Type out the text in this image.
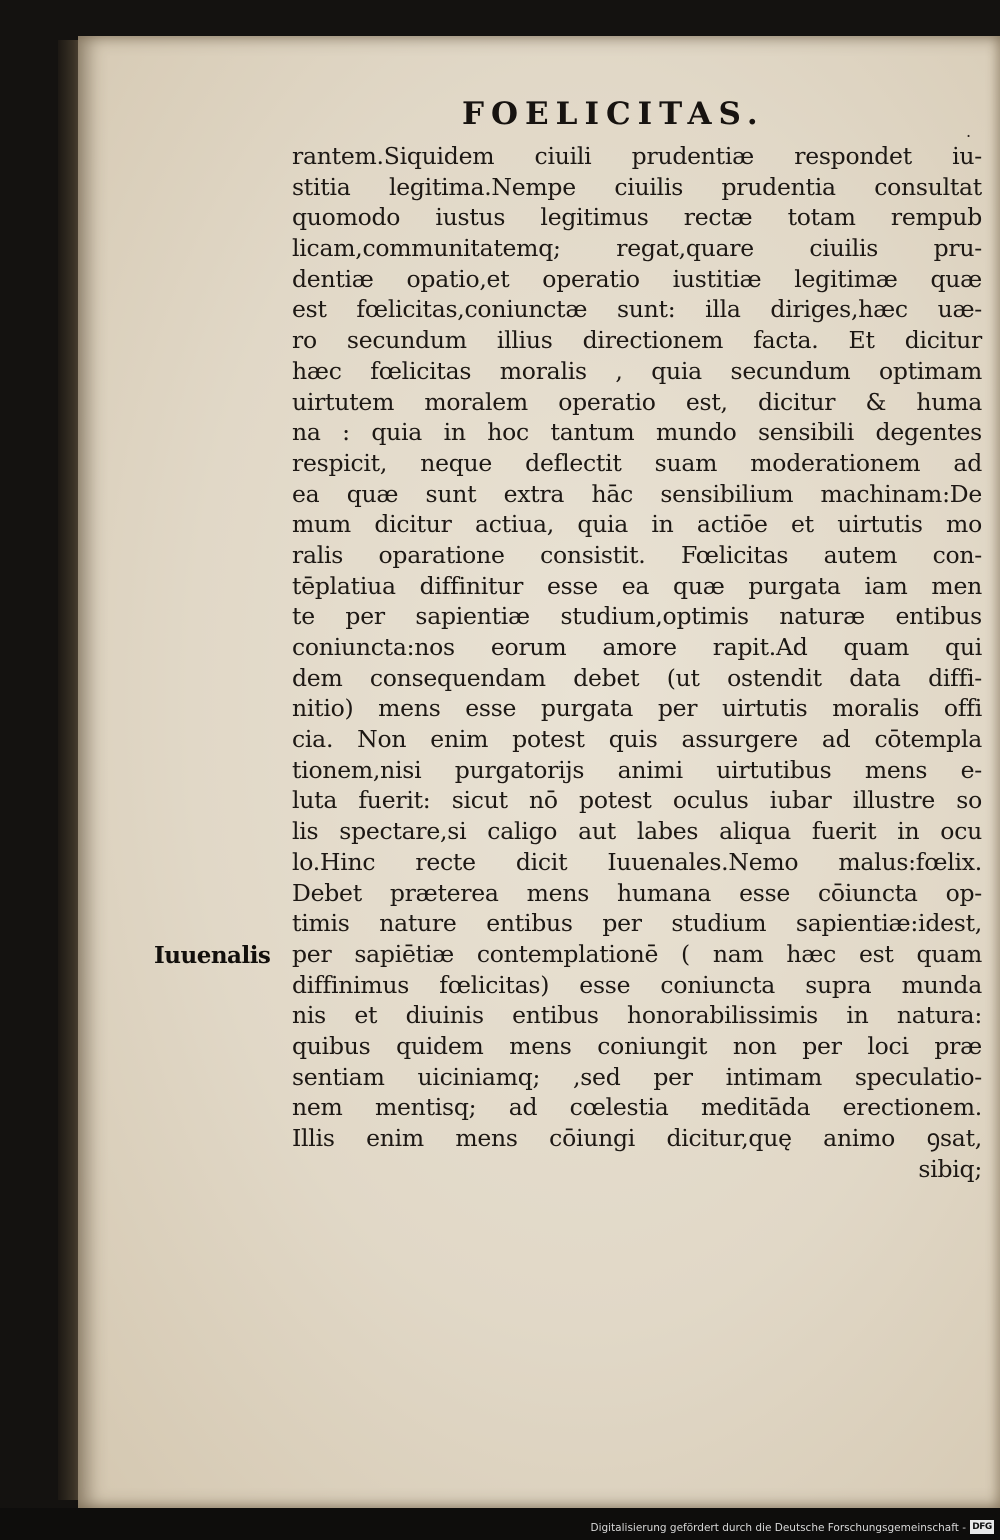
FOELICITAS.	.
Iuuenalis
rantem.Siquidem ciuili prudentiæ respondet iu-
stitia legitima.Nempe ciuilis prudentia consultat
quomodo iustus legitimus rectæ totam rempub
licam,communitatemq; regat,quare ciuilis pru-
dentiæ opatio,et operatio iustitiæ legitimæ quæ
est fœlicitas,coniunctæ sunt: illa diriges,hæc uæ-
ro secundum illius directionem facta. Et dicitur
hæc fœlicitas moralis , quia secundum optimam
uirtutem moralem operatio est, dicitur & huma
na : quia in hoc tantum mundo sensibili degentes
respicit, neque deflectit suam moderationem ad
ea quæ sunt extra hāc sensibilium machinam:De
mum dicitur actiua, quia in actiōe et uirtutis mo
ralis oparatione consistit. Fœlicitas autem con-
tēplatiua diffinitur esse ea quæ purgata iam men
te per sapientiæ studium,optimis naturæ entibus
coniuncta:nos eorum amore rapit.Ad quam qui
dem consequendam debet (ut ostendit data diffi-
nitio) mens esse purgata per uirtutis moralis offi
cia. Non enim potest quis assurgere ad cōtempla
tionem,nisi purgatorijs animi uirtutibus mens e-
luta fuerit: sicut nō potest oculus iubar illustre so
lis spectare,si caligo aut labes aliqua fuerit in ocu
lo.Hinc recte dicit Iuuenales.Nemo malus:fœlix.
Debet præterea mens humana esse cōiuncta op-
timis nature entibus per studium sapientiæ:idest,
per sapiētiæ contemplationē ( nam hæc est quam
diffinimus fœlicitas) esse coniuncta supra munda
nis et diuinis entibus honorabilissimis in natura:
quibus quidem mens coniungit non per loci præ
sentiam uiciniamq; ,sed per intimam speculatio-
nem mentisq; ad cœlestia meditāda erectionem.
Illis enim mens cōiungi dicitur,quę animo ꝯsat,
sibiq;
Digitalisierung gefördert durch die Deutsche Forschungsgemeinschaft - DFG
